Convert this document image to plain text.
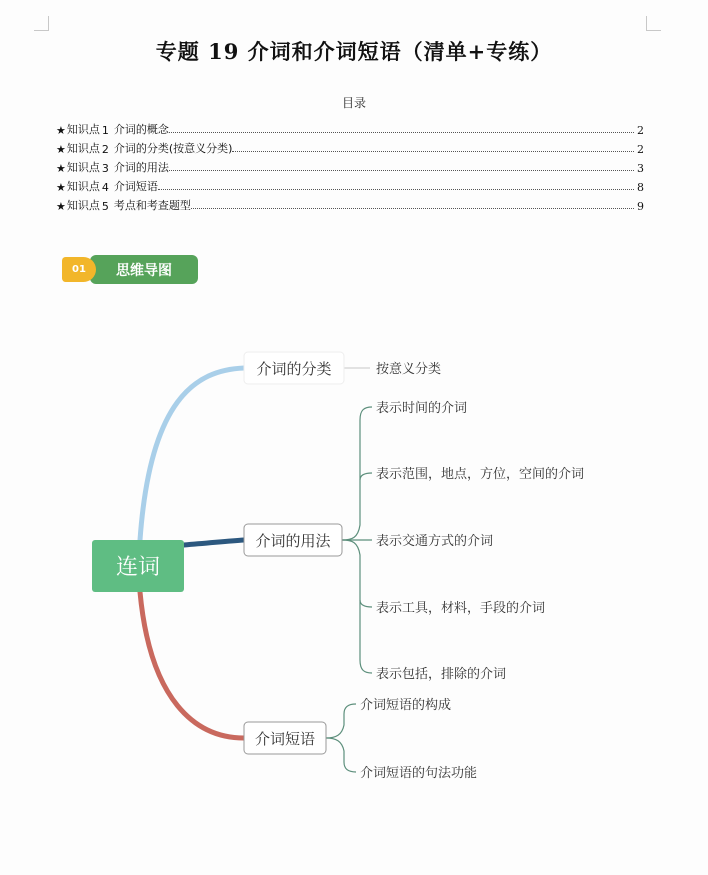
专题 19 介词和介词短语（清单+专练）
目录
★ 知识点 1 介词的概念	2
★ 知识点 2 介词的分类(按意义分类)	2
★ 知识点 3 介词的用法	3
★ 知识点 4 介词短语	8
★ 知识点 5 考点和考查题型	9
思维导图
01
介词的分类
介词的用法
介词短语
连词
按意义分类
表示时间的介词
表示范围，地点，方位，空间的介词
表示交通方式的介词
表示工具，材料，手段的介词
表示包括，排除的介词
介词短语的构成
介词短语的句法功能
